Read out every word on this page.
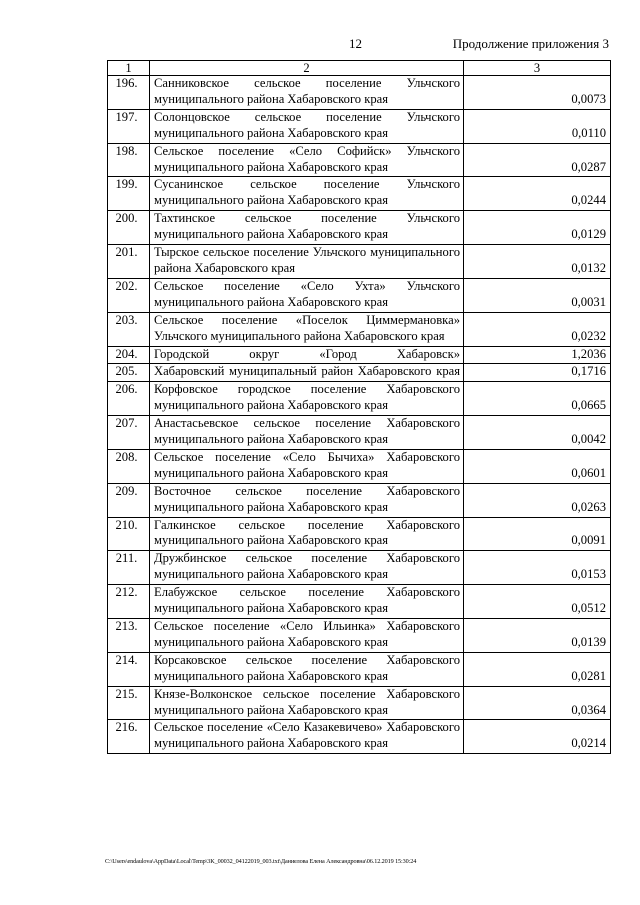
12	Продолжение приложения 3
1	2	3
196.	Санниковское сельское поселение Ульчского муниципального района Хабаровского края	0,0073
197.	Солонцовское сельское поселение Ульчского муниципального района Хабаровского края	0,0110
198.	Сельское поселение «Село Софийск» Ульчского муниципального района Хабаровского края	0,0287
199.	Сусанинское сельское поселение Ульчского муниципального района Хабаровского края	0,0244
200.	Тахтинское сельское поселение Ульчского муниципального района Хабаровского края	0,0129
201.	Тырское сельское поселение Ульчского муниципального района Хабаровского края	0,0132
202.	Сельское поселение «Село Ухта» Ульчского муниципального района Хабаровского края	0,0031
203.	Сельское поселение «Поселок Циммермановка» Ульчского муниципального района Хабаровского края	0,0232
204.	Городской округ «Город Хабаровск»	1,2036
205.	Хабаровский муниципальный район Хабаровского края	0,1716
206.	Корфовское городское поселение Хабаровского муниципального района Хабаровского края	0,0665
207.	Анастасьевское сельское поселение Хабаровского муниципального района Хабаровского края	0,0042
208.	Сельское поселение «Село Бычиха» Хабаровского муниципального района Хабаровского края	0,0601
209.	Восточное сельское поселение Хабаровского муниципального района Хабаровского края	0,0263
210.	Галкинское сельское поселение Хабаровского муниципального района Хабаровского края	0,0091
211.	Дружбинское сельское поселение Хабаровского муниципального района Хабаровского края	0,0153
212.	Елабужское сельское поселение Хабаровского муниципального района Хабаровского края	0,0512
213.	Сельское поселение «Село Ильинка» Хабаровского муниципального района Хабаровского края	0,0139
214.	Корсаковское сельское поселение Хабаровского муниципального района Хабаровского края	0,0281
215.	Князе-Волконское сельское поселение Хабаровского муниципального района Хабаровского края	0,0364
216.	Сельское поселение «Село Казакевичево» Хабаровского муниципального района Хабаровского края	0,0214
C:\Users\endaulova\AppData\Local\Temp\3K_00032_04122019_003.txt\Даниелова Елена Александровна\06.12.2019 15:30:24
